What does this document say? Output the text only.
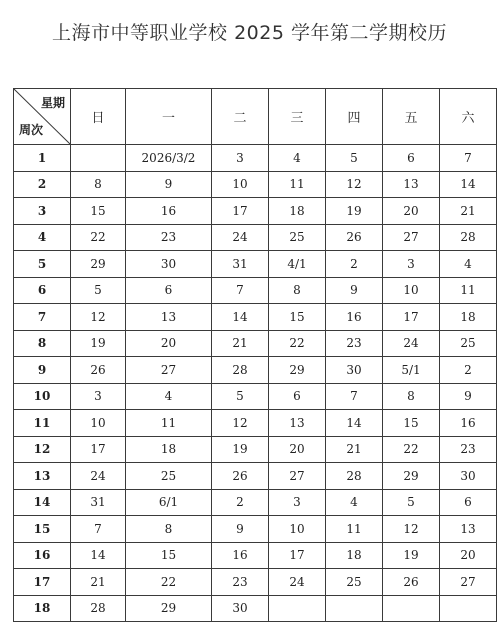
上海市中等职业学校 2025 学年第二学期校历
星期
周次	日	一	二	三	四	五	六
1		2026/3/2	3	4	5	6	7
2	8	9	10	11	12	13	14
3	15	16	17	18	19	20	21
4	22	23	24	25	26	27	28
5	29	30	31	4/1	2	3	4
6	5	6	7	8	9	10	11
7	12	13	14	15	16	17	18
8	19	20	21	22	23	24	25
9	26	27	28	29	30	5/1	2
10	3	4	5	6	7	8	9
11	10	11	12	13	14	15	16
12	17	18	19	20	21	22	23
13	24	25	26	27	28	29	30
14	31	6/1	2	3	4	5	6
15	7	8	9	10	11	12	13
16	14	15	16	17	18	19	20
17	21	22	23	24	25	26	27
18	28	29	30				
